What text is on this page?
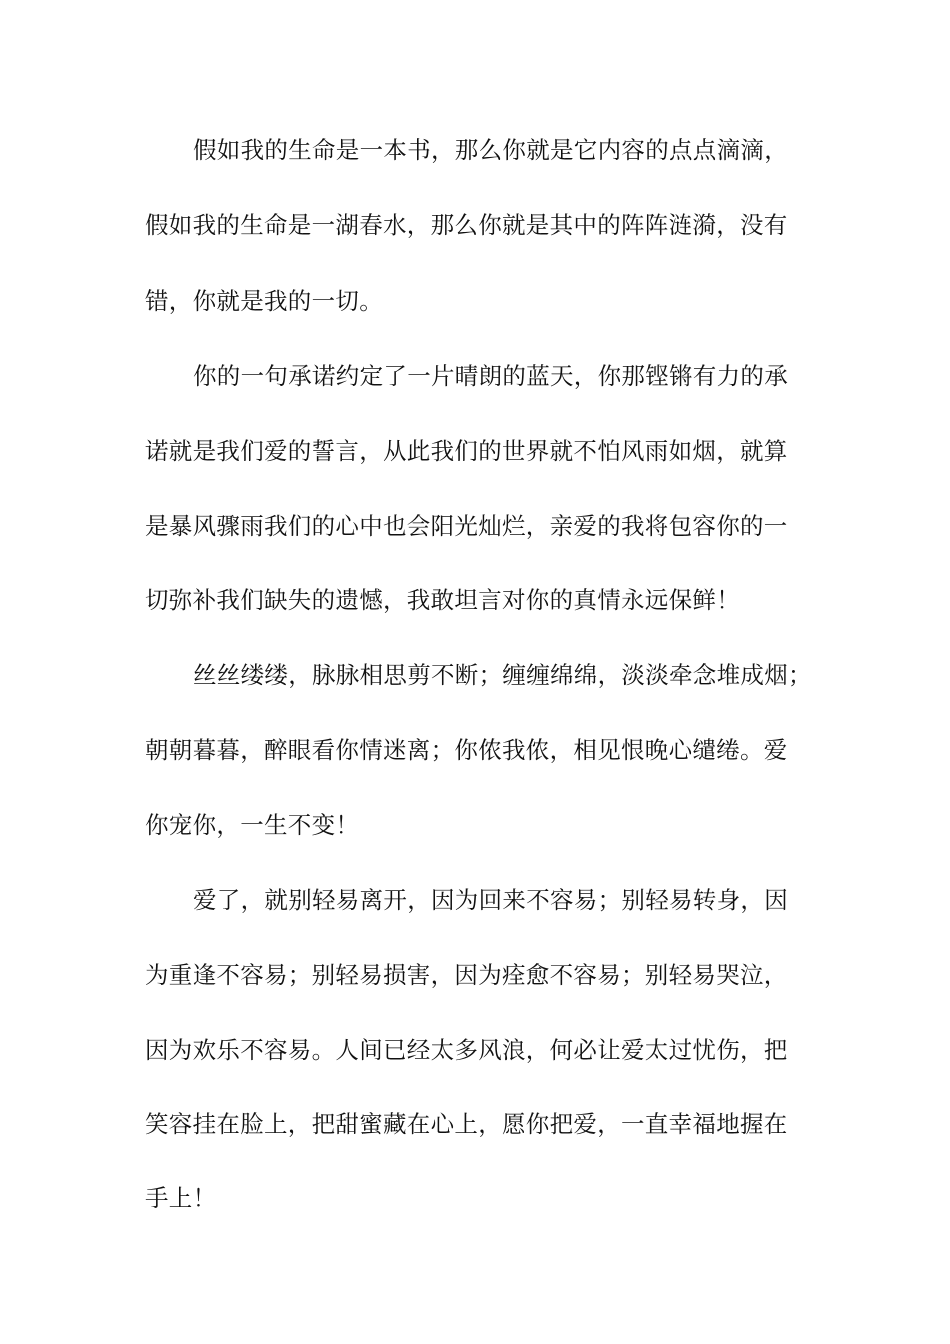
假如我的生命是一本书，那么你就是它内容的点点滴滴，
假如我的生命是一湖春水，那么你就是其中的阵阵涟漪，没有
错，你就是我的一切。
你的一句承诺约定了一片晴朗的蓝天，你那铿锵有力的承
诺就是我们爱的誓言，从此我们的世界就不怕风雨如烟，就算
是暴风骤雨我们的心中也会阳光灿烂，亲爱的我将包容你的一
切弥补我们缺失的遗憾，我敢坦言对你的真情永远保鲜！
丝丝缕缕，脉脉相思剪不断；缠缠绵绵，淡淡牵念堆成烟；
朝朝暮暮，醉眼看你情迷离；你侬我侬，相见恨晚心缱绻。爱
你宠你，一生不变！
爱了，就别轻易离开，因为回来不容易；别轻易转身，因
为重逢不容易；别轻易损害，因为痊愈不容易；别轻易哭泣，
因为欢乐不容易。人间已经太多风浪，何必让爱太过忧伤，把
笑容挂在脸上，把甜蜜藏在心上，愿你把爱，一直幸福地握在
手上！
